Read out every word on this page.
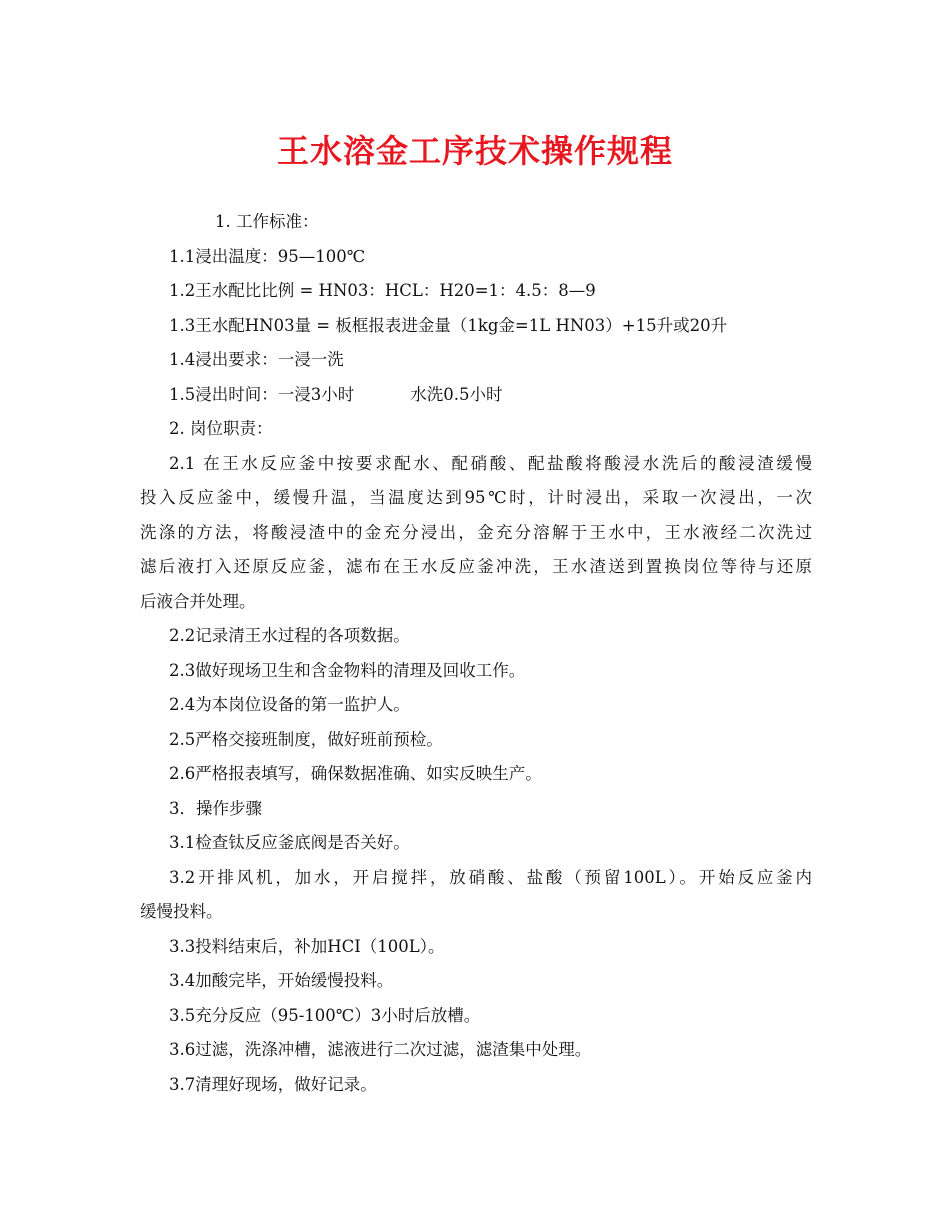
王水溶金工序技术操作规程
1. 工作标准：
1.1浸出温度：95—100℃
1.2王水配比比例 = HN03：HCL：H20=1：4.5：8—9
1.3王水配HN03量 = 板框报表进金量（1kg金=1L HN03）+15升或20升
1.4浸出要求：一浸一洗
1.5浸出时间：一浸3小时	水洗0.5小时
2. 岗位职责：
2.1 在王水反应釜中按要求配水、配硝酸、配盐酸将酸浸水洗后的酸浸渣缓慢
投入反应釜中，缓慢升温，当温度达到95℃时，计时浸出，采取一次浸出，一次
洗涤的方法，将酸浸渣中的金充分浸出，金充分溶解于王水中，王水液经二次洗过
滤后液打入还原反应釜，滤布在王水反应釜冲洗，王水渣送到置换岗位等待与还原
后液合并处理。
2.2记录清王水过程的各项数据。
2.3做好现场卫生和含金物料的清理及回收工作。
2.4为本岗位设备的第一监护人。
2.5严格交接班制度，做好班前预检。
2.6严格报表填写，确保数据准确、如实反映生产。
3．操作步骤
3.1检查钛反应釜底阀是否关好。
3.2开排风机，加水，开启搅拌，放硝酸、盐酸（预留100L）。开始反应釜内
缓慢投料。
3.3投料结束后，补加HCI（100L）。
3.4加酸完毕，开始缓慢投料。
3.5充分反应（95-100℃）3小时后放槽。
3.6过滤，洗涤冲槽，滤液进行二次过滤，滤渣集中处理。
3.7清理好现场，做好记录。
